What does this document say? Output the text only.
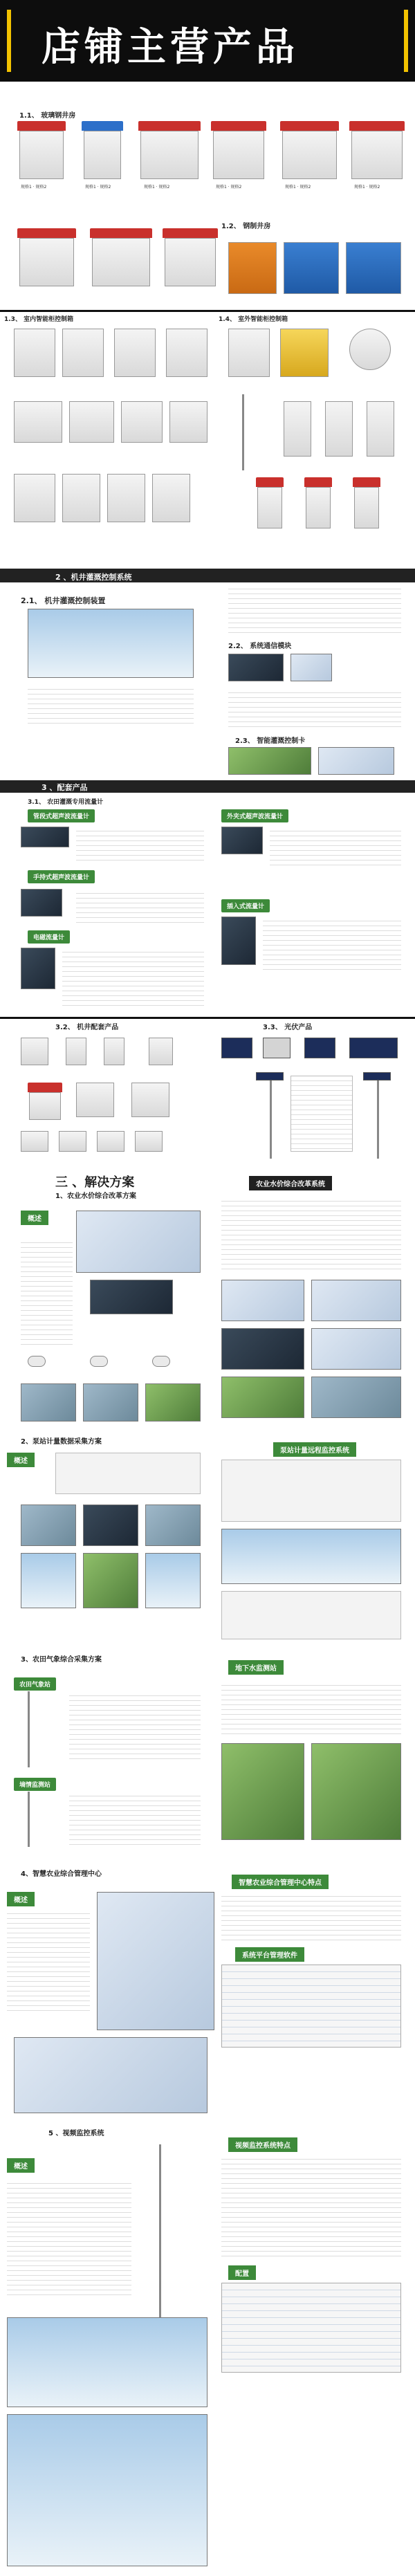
店铺主营产品
1.1、 玻璃钢井房
规格1 · 规格2	规格1 · 规格2	规格1 · 规格2	规格1 · 规格2	规格1 · 规格2	规格1 · 规格2
1.2、 钢制井房
1.3、 室内智能柜控制箱	1.4、 室外智能柜控制箱
2 、机井灌溉控制系统
2.1、 机井灌溉控制装置
2.2、 系统通信模块
2.3、 智能灌溉控制卡
3 、配套产品
3.1、 农田灌溉专用流量计
管段式超声波流量计	外夹式超声波流量计
手持式超声波流量计
插入式流量计
电磁流量计
3.2、 机井配套产品	3.3、 光伏产品
三 、解决方案
1、农业水价综合改革方案
农业水价综合改革系统
概述
2、泵站计量数据采集方案
概述
泵站计量远程监控系统
3、农田气象综合采集方案
农田气象站
墒情监测站
地下水监测站
4、智慧农业综合管理中心
概述
智慧农业综合管理中心特点
系统平台管理软件
5 、视频监控系统
概述
视频监控系统特点
配置
